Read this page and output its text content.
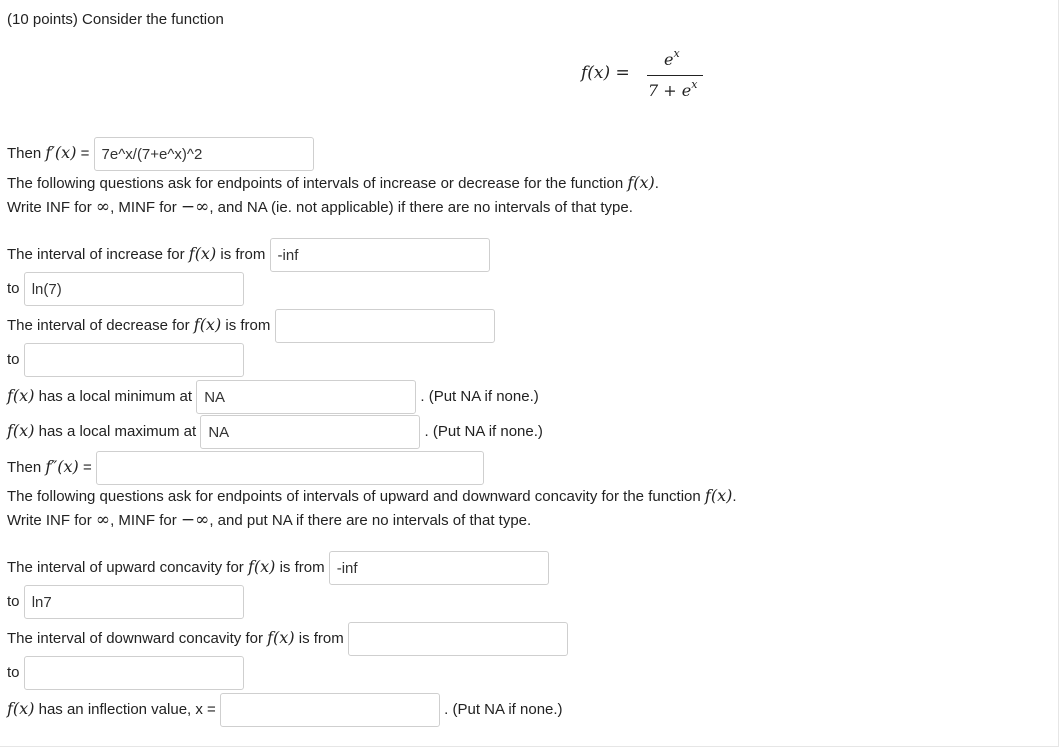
(10 points) Consider the function
f(x) =
$e^x$
$7 + e^x$
Then f′(x) = 7e^x/(7+e^x)^2
The following questions ask for endpoints of intervals of increase or decrease for the function f(x).
Write INF for ∞, MINF for −∞, and NA (ie. not applicable) if there are no intervals of that type.
The interval of increase for f(x) is from -inf
to ln(7)
The interval of decrease for f(x) is from
to
f(x) has a local minimum at NA	. (Put NA if none.)
f(x) has a local maximum at NA	. (Put NA if none.)
Then f″(x) =
The following questions ask for endpoints of intervals of upward and downward concavity for the function f(x).
Write INF for ∞, MINF for −∞, and put NA if there are no intervals of that type.
The interval of upward concavity for f(x) is from -inf
to ln7
The interval of downward concavity for f(x) is from
to
f(x) has an inflection value, x =	. (Put NA if none.)
